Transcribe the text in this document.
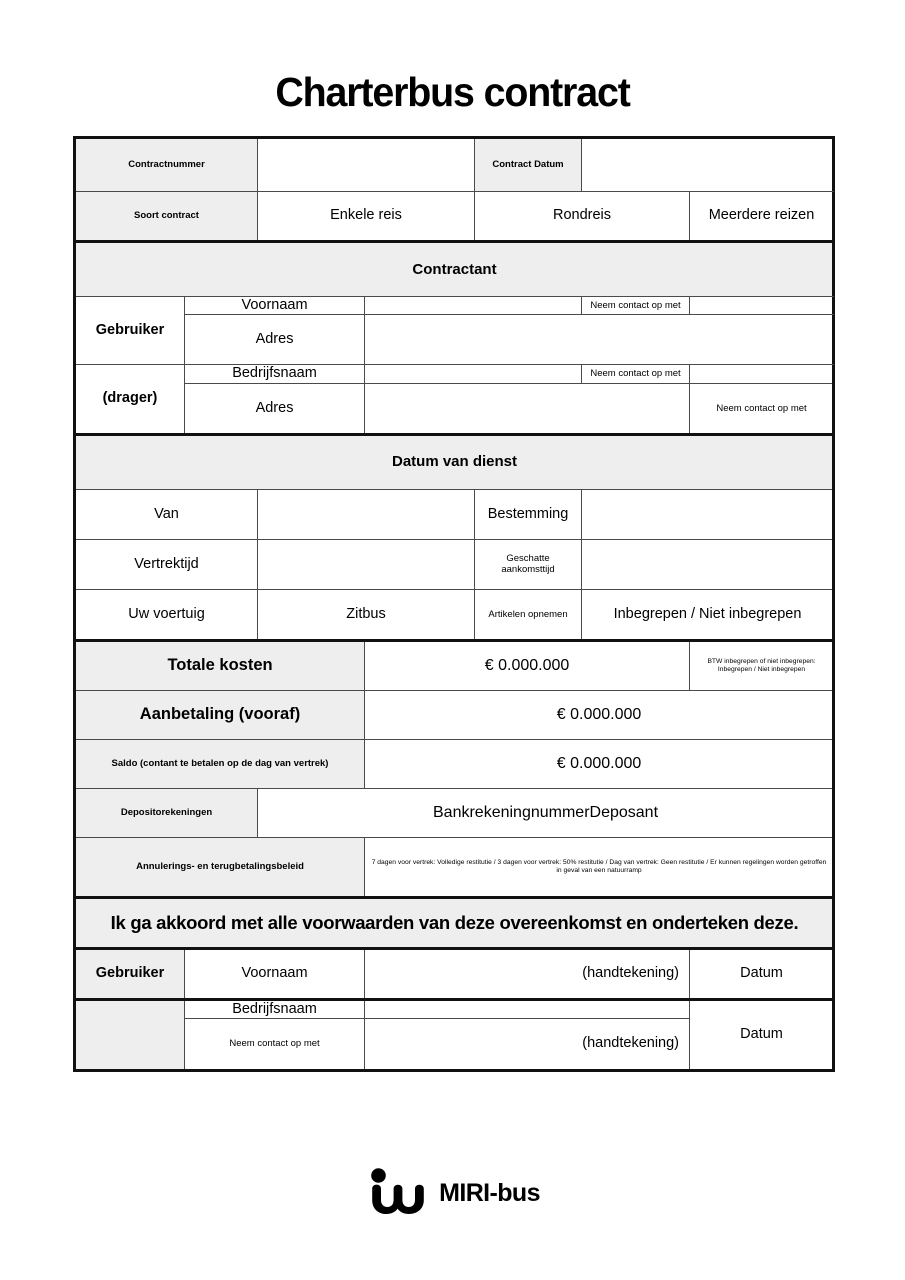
Charterbus contract
Contractnummer				Contract Datum			
Soort contract		Enkele reis		Rondreis		Meerdere reizen	
Contractant							
Gebruiker	Voornaam				Neem contact op met		
	Adres						
(drager)	Bedrijfsnaam				Neem contact op met		
	Adres					Neem contact op met	
Datum van dienst							
Van				Bestemming			
Vertrektijd				Geschatte aankomsttijd			
Uw voertuig		Zitbus		Artikelen opnemen	Inbegrepen / Niet inbegrepen		
Totale kosten			€ 0.000.000			BTW inbegrepen of niet inbegrepen: Inbegrepen / Niet inbegrepen	
Aanbetaling (vooraf)			€ 0.000.000				
Saldo (contant te betalen op de dag van vertrek)			€ 0.000.000				
Depositorekeningen		BankrekeningnummerDeposant					
Annulerings- en terugbetalingsbeleid			7 dagen voor vertrek: Volledige restitutie / 3 dagen voor vertrek: 50% restitutie / Dag van vertrek: Geen restitutie / Er kunnen regelingen worden getroffen in geval van een natuurramp				
Ik ga akkoord met alle voorwaarden van deze overeenkomst en onderteken deze.							
Gebruiker	Voornaam		(handtekening)			Datum	
	Bedrijfsnaam					Datum	
	Neem contact op met		(handtekening)				
MIRI-bus
